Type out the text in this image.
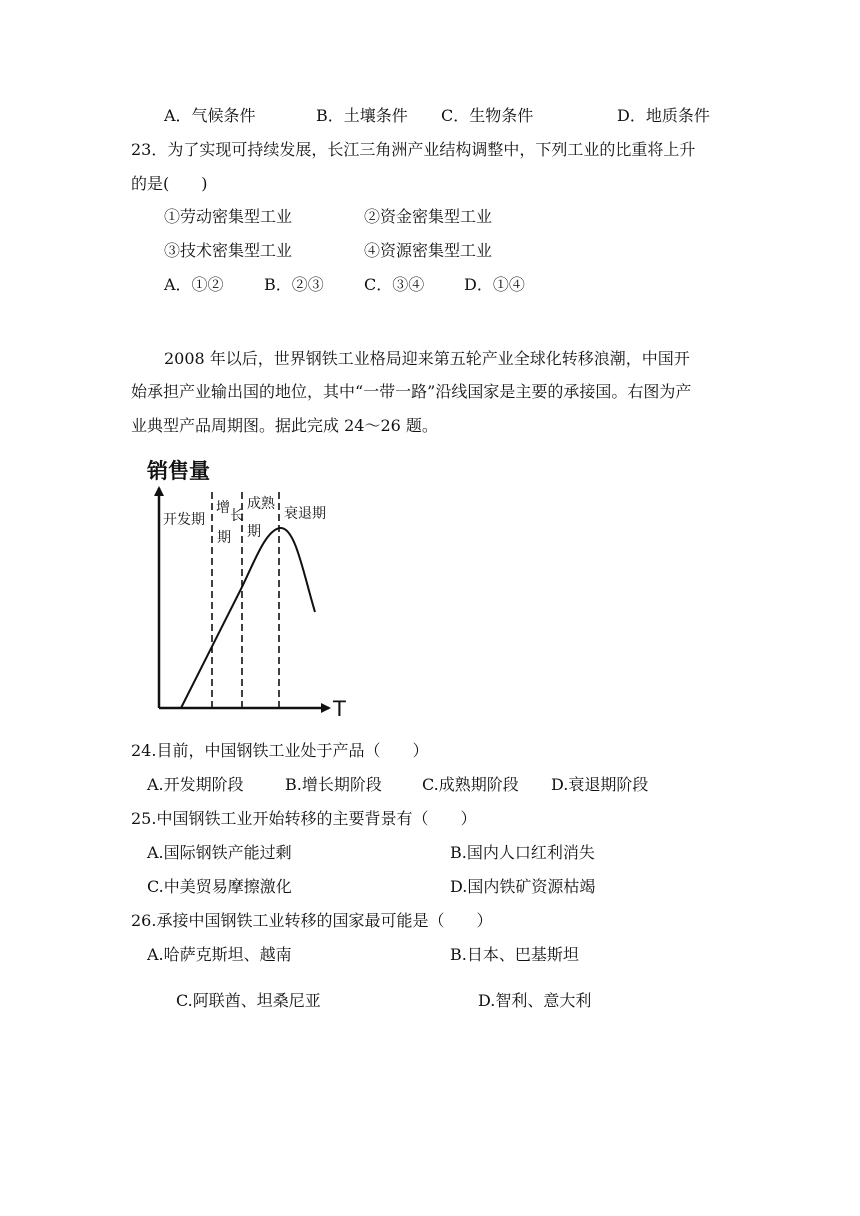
A．气候条件	B．土壤条件 C．生物条件	D．地质条件
23．为了实现可持续发展，长江三角洲产业结构调整中，下列工业的比重将上升
的是(　　)
①劳动密集型工业	②资金密集型工业
③技术密集型工业	④资源密集型工业
A．①②	B．②③	C．③④ D．①④
2008 年以后，世界钢铁工业格局迎来第五轮产业全球化转移浪潮，中国开
始承担产业输出国的地位，其中“一带一路”沿线国家是主要的承接国。右图为产
业典型产品周期图。据此完成 24～26 题。
销售量
T
开发期
增 长
期
成熟
期
衰退期
24.目前，中国钢铁工业处于产品（　　）
A.开发期阶段	B.增长期阶段	C.成熟期阶段 D.衰退期阶段
25.中国钢铁工业开始转移的主要背景有（　　）
A.国际钢铁产能过剩	B.国内人口红利消失
C.中美贸易摩擦激化	D.国内铁矿资源枯竭
26.承接中国钢铁工业转移的国家最可能是（　　）
A.哈萨克斯坦、越南	B.日本、巴基斯坦
C.阿联酋、坦桑尼亚	D.智利、意大利
